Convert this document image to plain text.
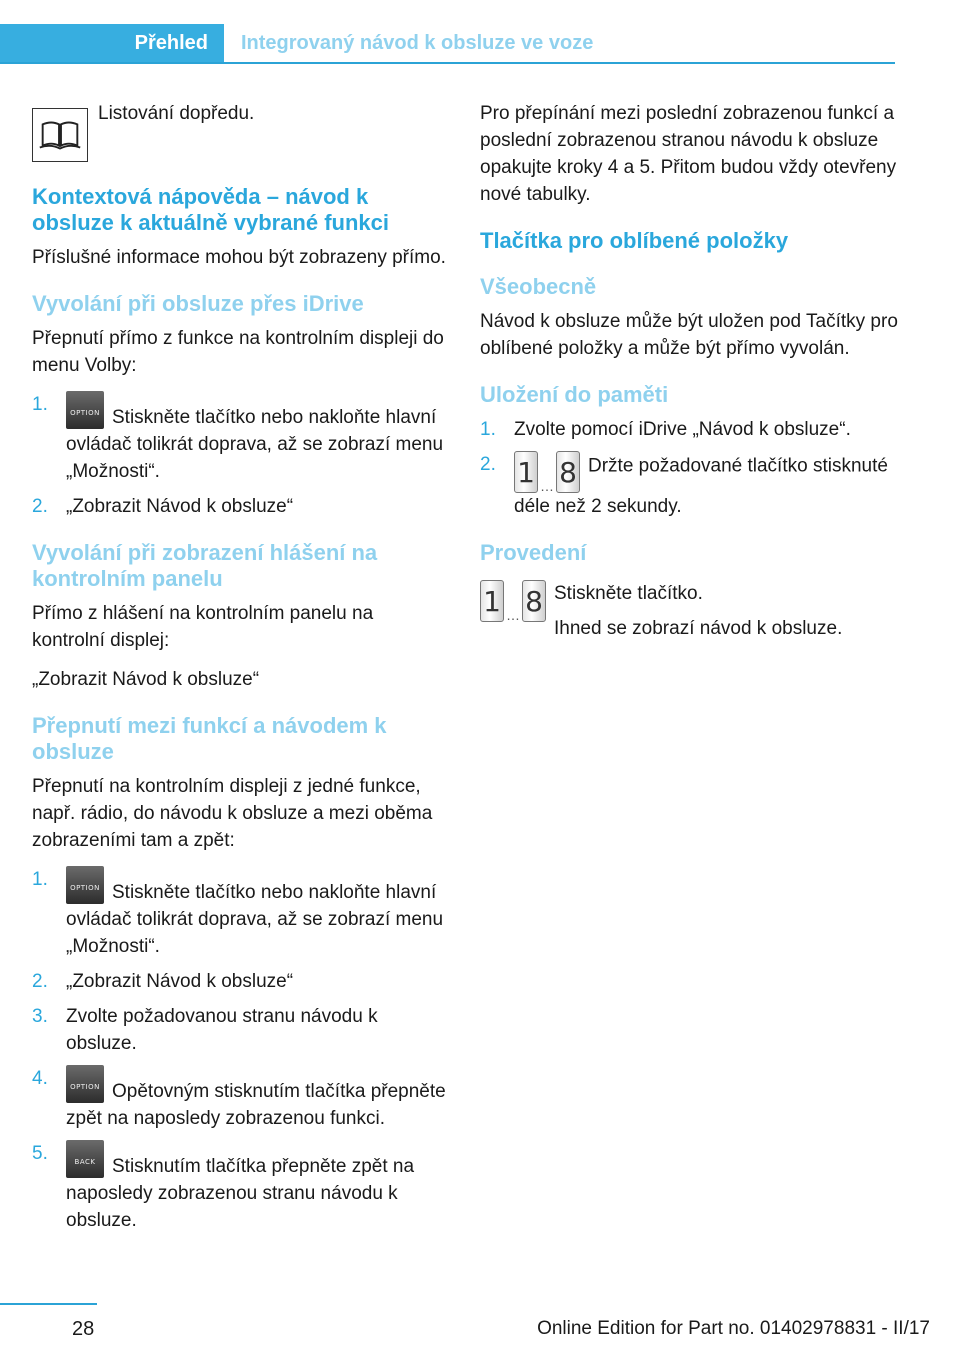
Přehled Integrovaný návod k obsluze ve voze

Listování dopředu.

Kontextová nápověda – návod k obsluze k aktuálně vybrané funkci

Příslušné informace mohou být zobrazeny přímo.

Vyvolání při obsluze přes iDrive

Přepnutí přímo z funkce na kontrolním displeji do menu Volby:

1.	OPTION Stiskněte tlačítko nebo nakloňte hlavní ovládač tolikrát doprava, až se zobrazí menu „Možnosti“.
2. „Zobrazit Návod k obsluze“
Vyvolání při zobrazení hlášení na kontrolním panelu

Přímo z hlášení na kontrolním panelu na kontrolní displej:

„Zobrazit Návod k obsluze“

Přepnutí mezi funkcí a návodem k obsluze

Přepnutí na kontrolním displeji z jedné funkce, např. rádio, do návodu k obsluze a mezi oběma zobrazeními tam a zpět:

1.	OPTION Stiskněte tlačítko nebo nakloňte hlavní ovládač tolikrát doprava, až se zobrazí menu „Možnosti“.
2. „Zobrazit Návod k obsluze“
3. Zvolte požadovanou stranu návodu k obsluze.
4.	OPTION Opětovným stisknutím tlačítka přepněte zpět na naposledy zobrazenou funkci.
5.	BACK Stisknutím tlačítka přepněte zpět na naposledy zobrazenou stranu návodu k obsluze.

Pro přepínání mezi poslední zobrazenou funkcí a poslední zobrazenou stranou návodu k obsluze opakujte kroky 4 a 5. Přitom budou vždy otevřeny nové tabulky.

Tlačítka pro oblíbené položky
Všeobecně

Návod k obsluze může být uložen pod Tačítky pro oblíbené položky a může být přímo vyvolán.

Uložení do paměti
1. Zvolte pomocí iDrive „Návod k obsluze“.
2. 1 … 8 Držte požadované tlačítko stisknuté déle než 2 sekundy.
Provedení
1 … 8 Stiskněte tlačítko.

Ihned se zobrazí návod k obsluze.

28	Online Edition for Part no. 01402978831 - II/17
